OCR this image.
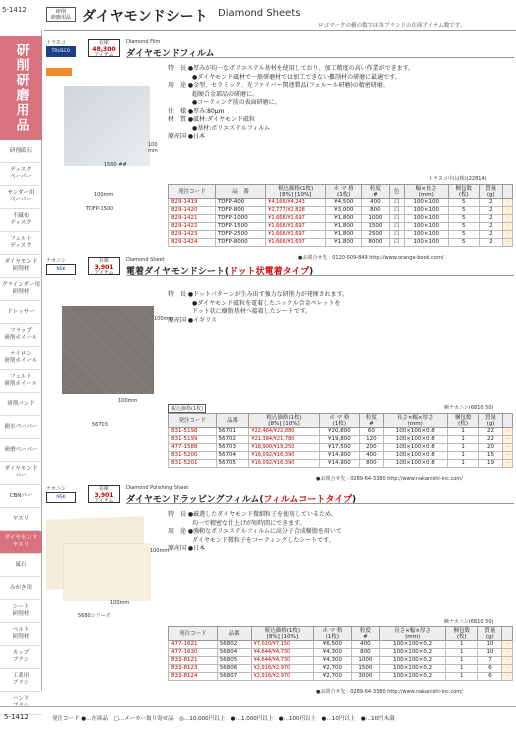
5-1412	研削
研磨用品 ダイヤモンドシート Diamond Sheets
ロゴマークの横の数字は各ブランドの在庫アイテム数です。
研削砥石
ディスク
ペーパー
サンダー用
ペーパー
不織布
ディスク
フェルト
ディスク
ダイヤモンド
研削材
グラインダー用
研削材
ドレッサー
フラップ
研削ホイール
ナイロン
研削ホイール
フェルト
研削ホイール
研削バンド
耐水ペーパー
研磨ペーパー
ダイヤモンド
バー
CBNバー
ヤスリ
ダイヤモンド
ヤスリ
砥石
みがき用
シート
研削材
ベルト
研削材
カップ
ブラシ
工業用
ブラシ
ハンド
ブラシ
研削研磨用品	トラスコ
TRUSCO
在庫
48,300
アイテム
Diamond Film
ダイヤモンドフィルム
1500 ##
100mm
100 mm
TDFP-1500
特　長 ●厚みが均一なポリエステル基材を使用しており、加工精度の高い作業ができます。
　　　　●ダイヤモンド砥材で一般研磨材では加工できない難削材の研磨に最適です。
用　途 ●金型、セラミック、光ファイバー関連製品(フェルール研磨)の精密研磨、
　　　　超硬合金部品の研磨に。
　　　　●コーティング前の表面研磨に。
仕　様 ●厚み:80μm
材　質 ●砥材:ダイヤモンド砥粒
　　　　●基材:ポリエステルフィルム
原産国 ●日本
トラスコ中山(株)(22814)
発注コード	品　番	税込価格(1枚)
[8%] [10%]	ホ マ 格
(1枚)	粒度
#	色	幅×長さ
(mm)	梱包数
(枚)	質量
(g)	
829-1419	TDFP-400	¥4,166/¥4,243	¥4,500	400	白	100×100	5	2	-
829-1420	TDFP-800	¥2,777/¥2,828	¥3,000	800	白	100×100	5	2	-
829-1421	TDFP-1000	¥1,666/¥1,697	¥1,800	1000	白	100×100	5	2	-
829-1422	TDFP-1500	¥1,666/¥1,697	¥1,800	1500	白	100×100	5	2	-
829-1423	TDFP-2500	¥1,666/¥1,697	¥1,800	2500	白	100×100	5	2	-
829-1424	TDFP-8000	¥1,666/¥1,697	¥1,800	8000	白	100×100	5	2	-
●お問合せ先 : 0120-509-849 http://www.orange-book.com/
ナカニシ
NSK
在庫
3,901
アイテム
Diamond Sheet
電着ダイヤモンドシート(ドット状電着タイプ)
100mm
100mm
56703
特　長 ●ドットパターンが生み出す強力な研削力が発揮されます。
　　　　●ダイヤモンド砥粒を電着したニッケル合金ペレットを
　　　　ドット状に樹脂基材へ接着したシートです。
原産国 ●イギリス
税込価格(1枚)	㈱ナカニシ(6810 50)
発注コード	品番	税込価格(1枚)
[8%] [10%]	ホ マ 格
(1枚)	粒度
#	長さ×幅×厚さ
(mm)	梱包数
(枚)	質量
(g)	
831-5198	56701	¥22,464/¥22,880	¥20,800	60	100×100×0.8	1	22	-
831-5199	56702	¥21,384/¥21,780	¥19,800	120	100×100×0.8	1	22	-
477-1588	56703	¥18,900/¥19,250	¥17,500	200	100×100×0.8	1	20	-
831-5200	56704	¥16,092/¥16,390	¥14,900	400	100×100×0.8	1	15	-
831-5201	56705	¥16,092/¥16,390	¥14,900	800	100×100×0.8	1	19	-
●お問合せ先 : 0289-64-3380 http://www.nakanishi-inc.com/
ナカニシ
NSK
在庫
3,901
アイテム
Diamond Polishing Sheet
ダイヤモンドラッピングフィルム(フィルムコートタイプ)
100mm
100mm
5680シリーズ
特　長 ●厳選したダイヤモンド微細粒子を使用しているため、
　　　　均一で精密な仕上げが短時間にできます。
用　途 ●強靭なポリエステルフィルムに高分子合成樹脂を用いて
　　　　ダイヤモンド微粒子をコーティングしたシートです。
原産国 ●日本
㈱ナカニシ(6810 50)
発注コード	品番	税込価格(1枚)
[8%] [10%]	ホ マ 格
(1枚)	粒度
#	長さ×幅×厚さ
(mm)	梱包数
(枚)	質量
(g)	
477-1621	56802	¥7,020/¥7,150	¥6,500	400	100×100×0.2	1	10	-
477-1630	56804	¥4,644/¥4,730	¥4,300	800	100×100×0.2	1	10	-
833-8121	56805	¥4,644/¥4,730	¥4,300	1000	100×100×0.2	1	7	-
833-8123	56806	¥2,916/¥2,970	¥2,700	1500	100×100×0.2	1	6	-
833-8124	56807	¥2,916/¥2,970	¥2,700	3000	100×100×0.2	1	6	-
●お問合せ先 : 0289-64-3380 http://www.nakanishi-inc.com/
5-1412	発注コード ●…在庫品　□…メーカー取り寄せ品　◎…10,000円以上　●…1,000円以上　●…100円以上　●…10円以上　●…10円未満
